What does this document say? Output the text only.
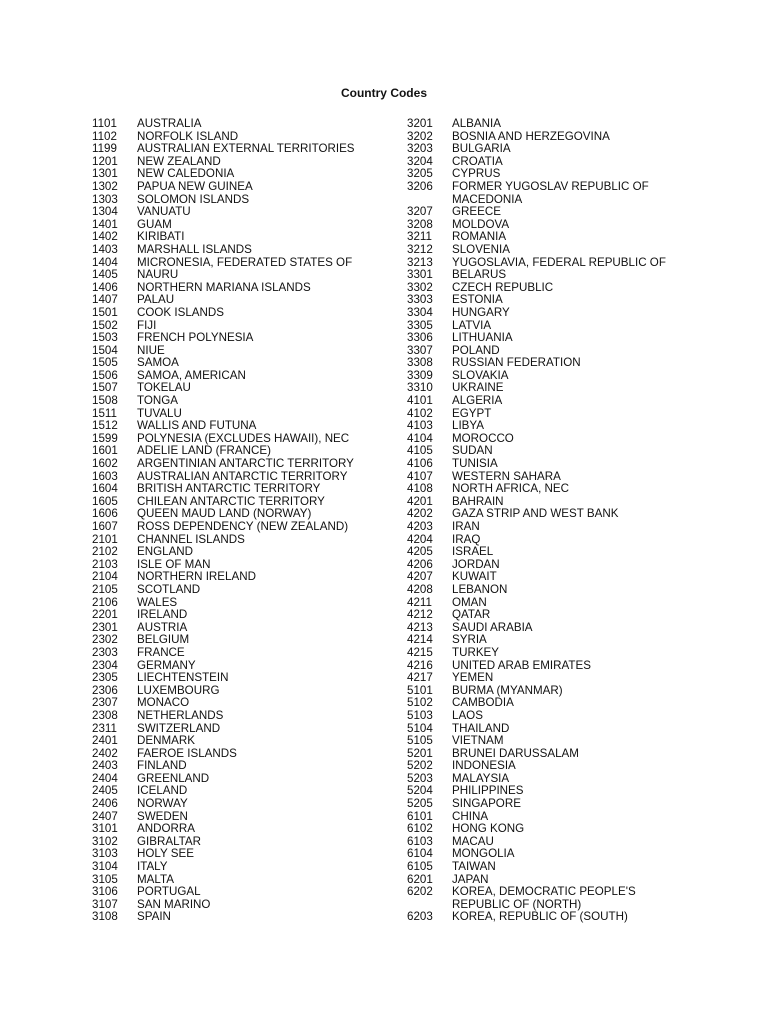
Country Codes
1101	AUSTRALIA
1102	NORFOLK ISLAND
1199	AUSTRALIAN EXTERNAL TERRITORIES
1201	NEW ZEALAND
1301	NEW CALEDONIA
1302	PAPUA NEW GUINEA
1303	SOLOMON ISLANDS
1304	VANUATU
1401	GUAM
1402	KIRIBATI
1403	MARSHALL ISLANDS
1404	MICRONESIA, FEDERATED STATES OF
1405	NAURU
1406	NORTHERN MARIANA ISLANDS
1407	PALAU
1501	COOK ISLANDS
1502	FIJI
1503	FRENCH POLYNESIA
1504	NIUE
1505	SAMOA
1506	SAMOA, AMERICAN
1507	TOKELAU
1508	TONGA
1511	TUVALU
1512	WALLIS AND FUTUNA
1599	POLYNESIA (EXCLUDES HAWAII), NEC
1601	ADELIE LAND (FRANCE)
1602	ARGENTINIAN ANTARCTIC TERRITORY
1603	AUSTRALIAN ANTARCTIC TERRITORY
1604	BRITISH ANTARCTIC TERRITORY
1605	CHILEAN ANTARCTIC TERRITORY
1606	QUEEN MAUD LAND (NORWAY)
1607	ROSS DEPENDENCY (NEW ZEALAND)
2101	CHANNEL ISLANDS
2102	ENGLAND
2103	ISLE OF MAN
2104	NORTHERN IRELAND
2105	SCOTLAND
2106	WALES
2201	IRELAND
2301	AUSTRIA
2302	BELGIUM
2303	FRANCE
2304	GERMANY
2305	LIECHTENSTEIN
2306	LUXEMBOURG
2307	MONACO
2308	NETHERLANDS
2311	SWITZERLAND
2401	DENMARK
2402	FAEROE ISLANDS
2403	FINLAND
2404	GREENLAND
2405	ICELAND
2406	NORWAY
2407	SWEDEN
3101	ANDORRA
3102	GIBRALTAR
3103	HOLY SEE
3104	ITALY
3105	MALTA
3106	PORTUGAL
3107	SAN MARINO
3108	SPAIN
3201	ALBANIA
3202	BOSNIA AND HERZEGOVINA
3203	BULGARIA
3204	CROATIA
3205	CYPRUS
3206	FORMER YUGOSLAV REPUBLIC OF
MACEDONIA
3207	GREECE
3208	MOLDOVA
3211	ROMANIA
3212	SLOVENIA
3213	YUGOSLAVIA, FEDERAL REPUBLIC OF
3301	BELARUS
3302	CZECH REPUBLIC
3303	ESTONIA
3304	HUNGARY
3305	LATVIA
3306	LITHUANIA
3307	POLAND
3308	RUSSIAN FEDERATION
3309	SLOVAKIA
3310	UKRAINE
4101	ALGERIA
4102	EGYPT
4103	LIBYA
4104	MOROCCO
4105	SUDAN
4106	TUNISIA
4107	WESTERN SAHARA
4108	NORTH AFRICA, NEC
4201	BAHRAIN
4202	GAZA STRIP AND WEST BANK
4203	IRAN
4204	IRAQ
4205	ISRAEL
4206	JORDAN
4207	KUWAIT
4208	LEBANON
4211	OMAN
4212	QATAR
4213	SAUDI ARABIA
4214	SYRIA
4215	TURKEY
4216	UNITED ARAB EMIRATES
4217	YEMEN
5101	BURMA (MYANMAR)
5102	CAMBODIA
5103	LAOS
5104	THAILAND
5105	VIETNAM
5201	BRUNEI DARUSSALAM
5202	INDONESIA
5203	MALAYSIA
5204	PHILIPPINES
5205	SINGAPORE
6101	CHINA
6102	HONG KONG
6103	MACAU
6104	MONGOLIA
6105	TAIWAN
6201	JAPAN
6202	KOREA, DEMOCRATIC PEOPLE'S
REPUBLIC OF (NORTH)
6203	KOREA, REPUBLIC OF (SOUTH)
